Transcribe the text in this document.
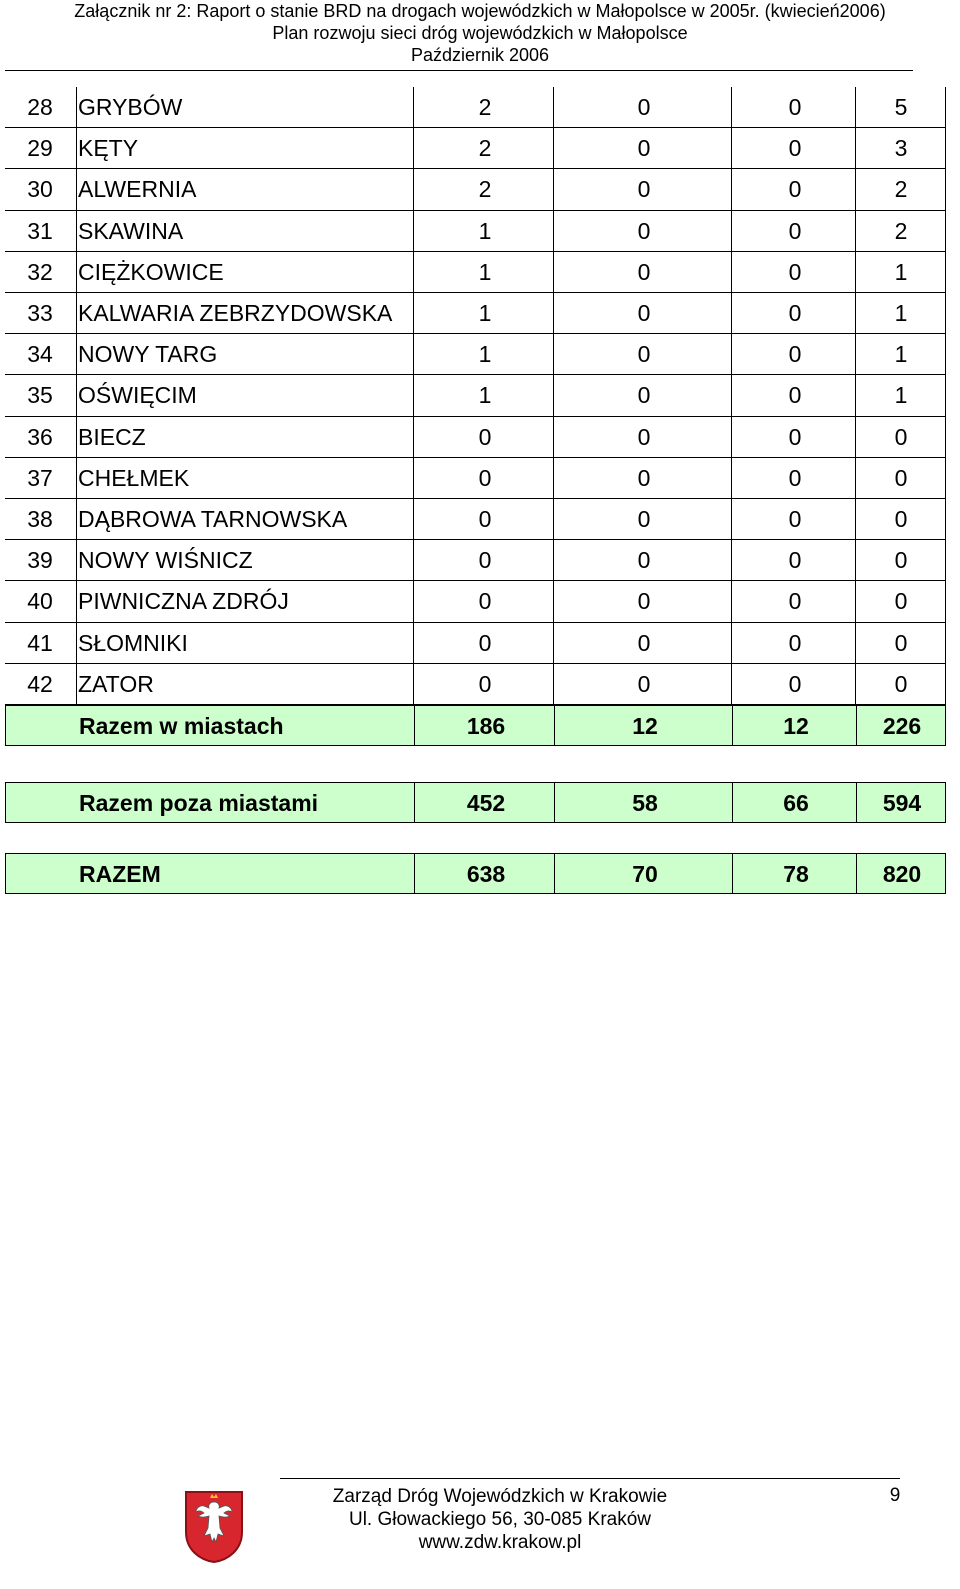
Załącznik nr 2: Raport o stanie BRD na drogach wojewódzkich w Małopolsce w 2005r. (kwiecień2006)
Plan rozwoju sieci dróg wojewódzkich w Małopolsce
Październik 2006
28	GRYBÓW	2	0	0	5
29	KĘTY	2	0	0	3
30	ALWERNIA	2	0	0	2
31	SKAWINA	1	0	0	2
32	CIĘŻKOWICE	1	0	0	1
33	KALWARIA ZEBRZYDOWSKA	1	0	0	1
34	NOWY TARG	1	0	0	1
35	OŚWIĘCIM	1	0	0	1
36	BIECZ	0	0	0	0
37	CHEŁMEK	0	0	0	0
38	DĄBROWA TARNOWSKA	0	0	0	0
39	NOWY WIŚNICZ	0	0	0	0
40	PIWNICZNA ZDRÓJ	0	0	0	0
41	SŁOMNIKI	0	0	0	0
42	ZATOR	0	0	0	0
Razem w miastach	186	12	12	226
Razem poza miastami	452	58	66	594
RAZEM	638	70	78	820
Zarząd Dróg Wojewódzkich w Krakowie
Ul. Głowackiego 56, 30-085 Kraków
www.zdw.krakow.pl
9
